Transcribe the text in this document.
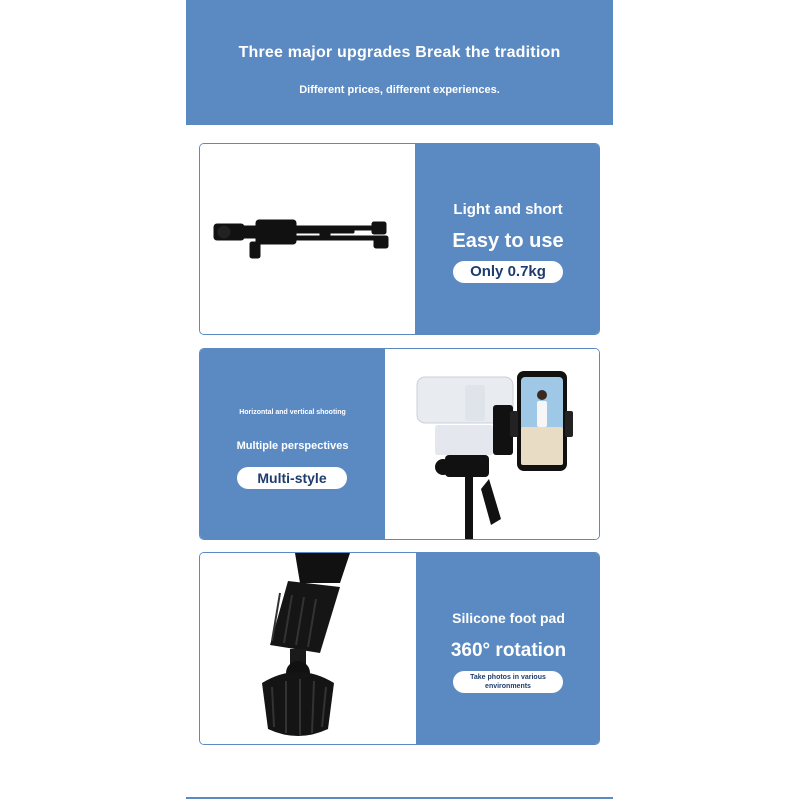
Three major upgrades Break the tradition
Different prices, different experiences.
Light and short
Easy to use
Only 0.7kg
Horizontal and vertical shooting
Multiple perspectives
Multi-style
Silicone foot pad
360° rotation
Take photos in various
environments
